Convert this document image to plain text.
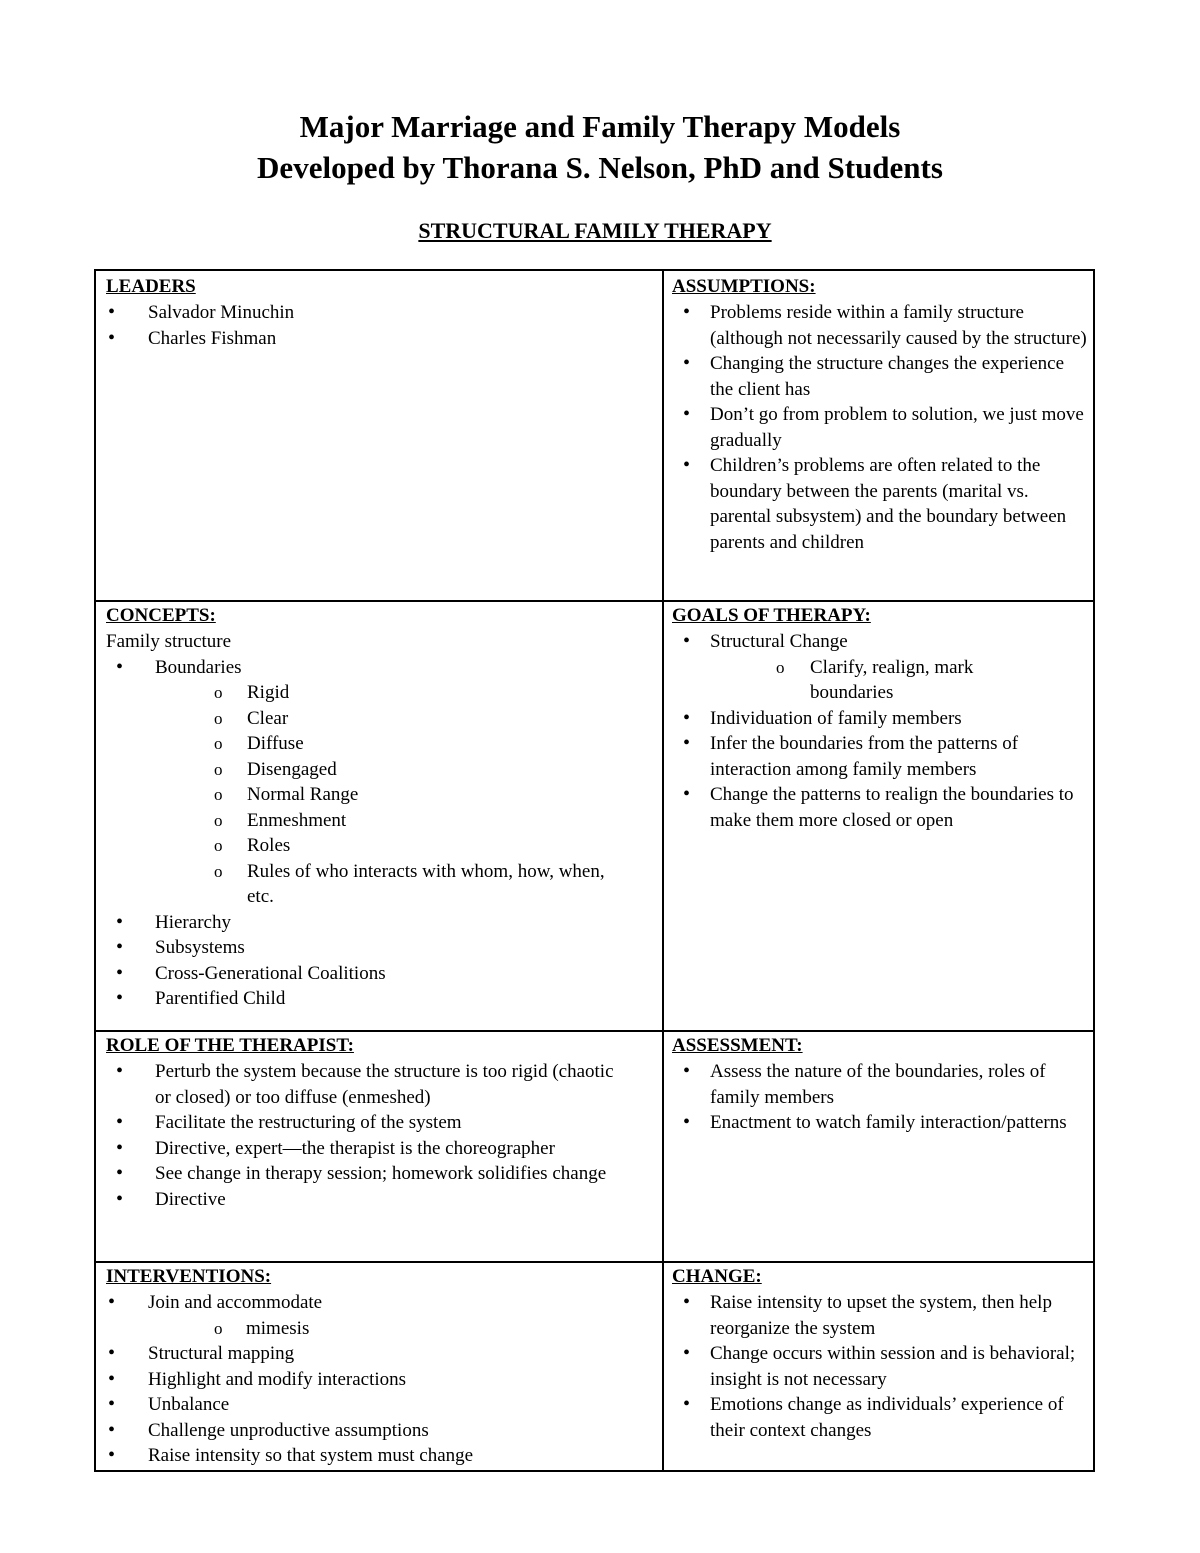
Major Marriage and Family Therapy Models
Developed by Thorana S. Nelson, PhD and Students
STRUCTURAL FAMILY THERAPY
LEADERS
• Salvador Minuchin
• Charles Fishman
ASSUMPTIONS:
• Problems reside within a family structure (although not necessarily caused by the structure)
• Changing the structure changes the experience the client has
• Don’t go from problem to solution, we just move gradually
• Children’s problems are often related to the boundary between the parents (marital vs. parental subsystem) and the boundary between parents and children
CONCEPTS:

Family structure

• Boundaries
o Rigid
o Clear
o Diffuse
o Disengaged
o Normal Range
o Enmeshment
o Roles
o Rules of who interacts with whom, how, when, etc.
• Hierarchy
• Subsystems
• Cross-Generational Coalitions
• Parentified Child
GOALS OF THERAPY:
• Structural Change
o Clarify, realign, mark boundaries
• Individuation of family members
• Infer the boundaries from the patterns of interaction among family members
• Change the patterns to realign the boundaries to make them more closed or open
ROLE OF THE THERAPIST:
• Perturb the system because the structure is too rigid (chaotic or closed) or too diffuse (enmeshed)
• Facilitate the restructuring of the system
• Directive, expert—the therapist is the choreographer
• See change in therapy session; homework solidifies change
• Directive
ASSESSMENT:
• Assess the nature of the boundaries, roles of family members
• Enactment to watch family interaction/patterns
INTERVENTIONS:
• Join and accommodate
o mimesis
• Structural mapping
• Highlight and modify interactions
• Unbalance
• Challenge unproductive assumptions
• Raise intensity so that system must change
CHANGE:
• Raise intensity to upset the system, then help reorganize the system
• Change occurs within session and is behavioral; insight is not necessary
• Emotions change as individuals’ experience of their context changes
